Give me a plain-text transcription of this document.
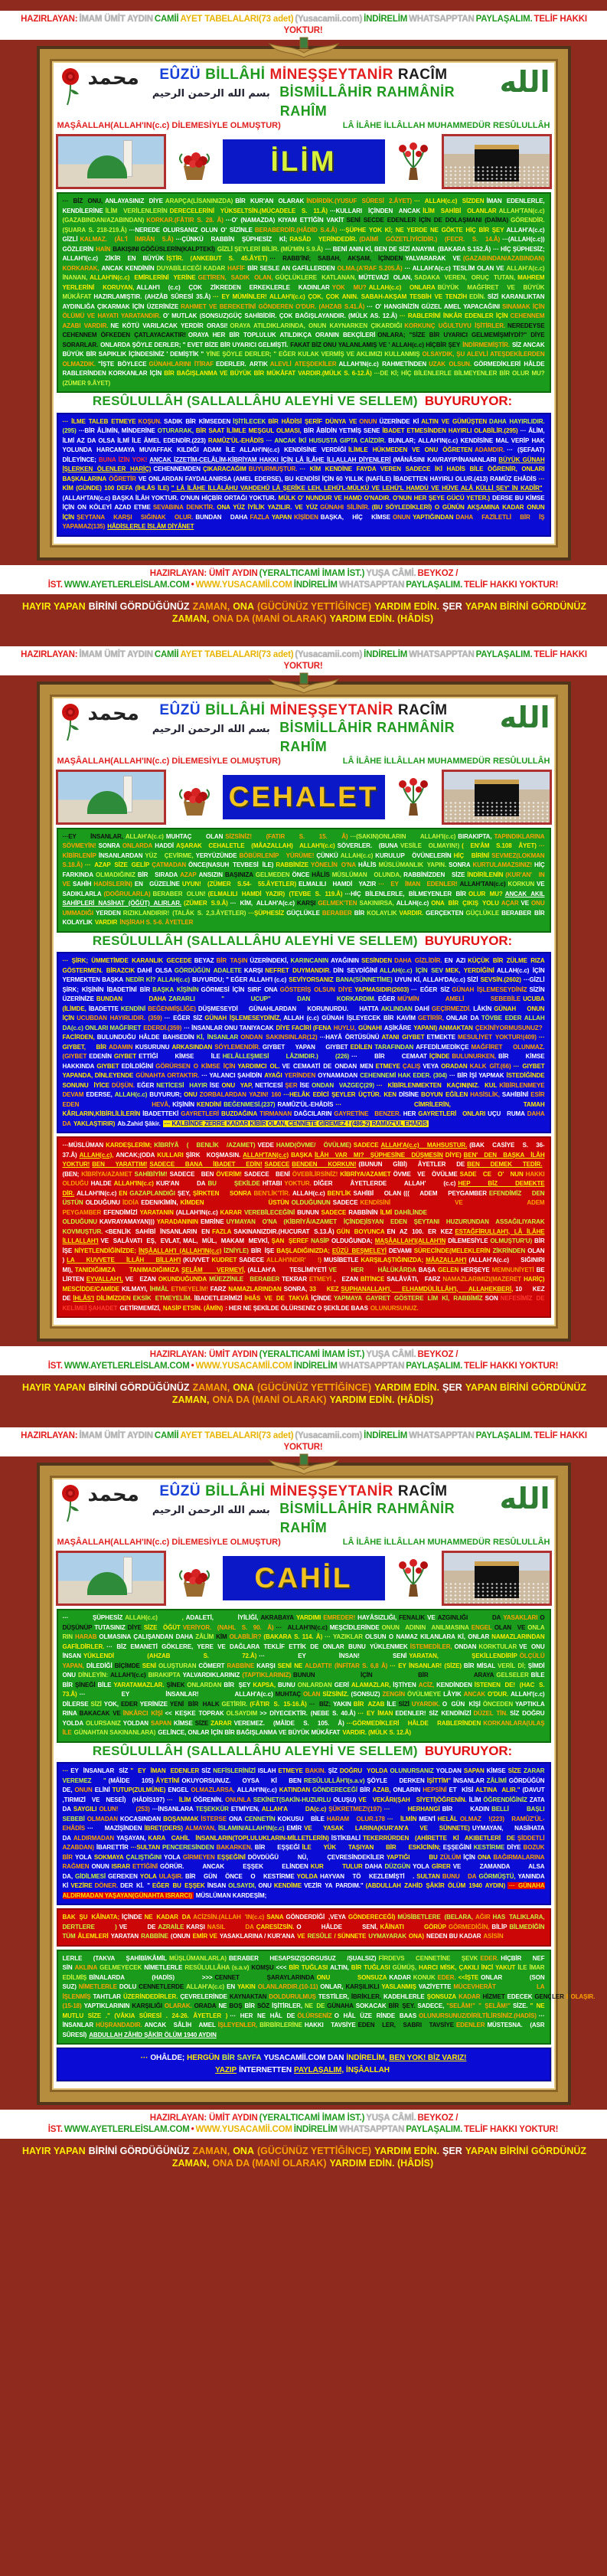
HAZIRLAYAN: İMAM ÜMİT AYDIN CAMİİ AYET TABELALARI(73 adet) (Yusacamii.com) İNDİRELİM WHATSAPPTAN PAYLAŞALIM. TELİF HAKKI YOKTUR!
محمد	EÛZÜ BİLLÂHİ MİNEŞŞEYTANİR RACÎM
بسم الله الرحمن الرحيم BİSMİLLÂHİR RAHMÂNİR RAHÎM
الله
MAŞÂALLAH(ALLAH'IN(c.c) DİLEMESİYLE OLMUŞTUR)	LÂ İLÂHE İLLÂLLAH MUHAMMEDÜR RESÛLULLÂH
İLİM
··· BİZ ONU, ANLAYASINIZ DİYE ARAPÇA(LİSANINIZDA) BİR KUR'AN OLARAK İNDİRDİK.(YUSUF SÛRESİ 2.ÂYET) ··· ALLAH(c.c) SİZDEN İMAN EDENLERLE, KENDİLERİNE İLİM VERİLENLERİN DERECELERİNİ YÜKSELTSİN.(MÜCADELE S. 11.Â) ···KULLARI İÇİNDEN ANCAK İLİM SAHİBİ OLANLAR ALLAH'TAN(c.c) (GAZABINDAN/AZABINDAN) KORKAR.(FÂTIR S. 28. Â) ···O' (NAMAZDA) KIYAM ETTİĞİN VAKİT SENİ SECDE EDENLER İÇİN DE DOLAŞMANI (DAİMA) GÖRENDİR.(ŞUARA S. 218-219.Â) ···NEREDE OLURSANIZ OLUN O' SİZİNLE BERABERDİR.(HÂDİD S.4.Â) ···ŞÜPHE YOK Kİ; NE YERDE NE GÖKTE HİÇ BİR ŞEY ALLAH'A(c.c) GİZLİ KALMAZ. (ÂL'İ İMRÂN 5.Â) ···ÇÜNKÜ RABBİN ŞÜPHESİZ Kİ; RASÂD YERİNDEDİR. (DAİMİ GÖZETLİYİCİDİR.) (FECR. S. 14.Â) ···(ALLAH(c.c)) GÖZLERİN HAİN BAKIŞINI GÖĞÜSLERİN(KALPTEKİ) GİZLİ ŞEYLERİ BİLİR. (MÜ'MİN S.9.Â) ··· BENİ ANIN Kİ, BEN DE SİZİ ANAYIM. (BAKARA S.152.Â) ··· HİÇ ŞÜPHESİZ; ALLAH'I(c.c) ZİKİR EN BÜYÜK İŞTİR. (ANKEBUT S. 45.ÂYET) ··· RABB'İNİ; SABAH, AKŞAM, İÇİNDEN YALVARARAK VE (GAZABINDAN/AZABINDAN) KORKARAK, ANCAK KENDİNİN DUYABİLECEĞİ KADAR HAFİF BİR SESLE AN GAFİLLERDEN OLMA.(A'RAF S.205.Â) ··· ALLAH'A(c.c) TESLİM OLAN VE ALLAH'A(c.c) İNANAN, ALLAH'IN(c.c) EMİRLERİNİ YERİNE GETİREN, SADIK OLAN, GÜÇLÜKLERE KATLANAN, MÜTEVAZİ OLAN, SADAKA VEREN, ORUÇ TUTAN, MAHREM YERLERİNİ KORUYAN, ALLAH'I (c.c) ÇOK ZİKREDEN ERKEKLERLE KADINLAR YOK MU? ALLAH(c.c) ONLARA BÜYÜK MAĞFİRET VE BÜYÜK MÜKÂFAT HAZIRLAMIŞTIR. (AHZÂB SÛRESİ 35.Â) ··· EY MÜMİNLER! ALLAH'I(c.c) ÇOK, ÇOK ANIN. SABAH-AKŞAM TESBİH VE TENZİH EDİN. SİZİ KARANLIKTAN AYDINLIĞA ÇIKARMAK İÇİN ÜZERİNİZE RAHMET VE BEREKETİNİ GÖNDEREN O'DUR. (AHZAB S.41.Â) ··· O' HANGİNİZİN GÜZEL AMEL YAPACAĞINI SINAMAK İÇİN ÖLÜMÜ VE HAYATI YARATANDIR. O' MUTLAK (SONSUZ)GÜÇ SAHİBİDİR. ÇOK BAĞIŞLAYANDIR. (MÜLK AS. 12.Â) ··· RABLERİNİ İNKÂR EDENLER İÇİN CEHENNEM AZABI VARDIR. NE KÖTÜ VARILACAK YERDİR ORASI! ORAYA ATILDIKLARINDA, ONUN KAYNARKEN ÇIKARDIĞI KORKUNÇ UĞULTUYU İŞİTİRLER. NEREDEYSE CEHENNEM ÖFKEDEN ÇATLAYACAKTIR! ORAYA HER BİR TOPLULUK ATILDIKÇA ORANIN BEKÇİLERİ ONLARA; "SİZE BİR UYARICI GELMEMİŞMİYDİ?" DİYE SORARLAR. ONLARDA ŞÖYLE DERLER; " EVET BİZE BİR UYARICI GELMİŞTİ. FAKAT BİZ ONU YALANLAMIŞ VE ' ALLAH(c.c) HİÇBİR ŞEY İNDİRMEMİŞTİR. SİZ ANCAK BÜYÜK BİR SAPIKLIK İÇİNDESİNİZ ' DEMİŞTİK " YİNE ŞÖYLE DERLER; " EĞER KULAK VERMİŞ VE AKLIMIZI KULLANMIŞ OLSAYDIK, ŞU ALEVLİ ATEŞDEKİLERDEN OLMAZDIK. "İŞTE BÖYLECE GÜNAHLARINI İTİRAF EDERLER. ARTIK ALEVLİ ATEŞDEKİLER ALLAH'IN(c.c) RAHMETİNDEN UZAK OLSUN. GÖRMEDİKLERİ HÂLDE RABLERİNDEN KORKANLAR İÇİN BİR BAĞIŞLANMA VE BÜYÜK BİR MÜKÂFAT VARDIR.(MÜLK S. 6-12.Â) ···DE Kİ; HİÇ BİLENLERLE BİLMEYENLER BİR OLUR MU?(ZÜMER 9.ÂYET)
RESÛLULLÂH (SALLALLÂHU ALEYHİ VE SELLEM) BUYURUYOR:
··· İLME TALEB ETMEYE KOŞUN. SADIK BİR KİMSEDEN İŞİTİLECEK BİR HÂDİSİ ŞERİF DÜNYA VE ONUN ÜZERİNDE Kİ ALTIN VE GÜMÜŞTEN DAHA HAYIRLIDIR.(295) ···BİR ÂLİMİN, MİNDERİNE OTURARAK, BİR SAAT İLİMLE MEŞGUL OLMASI, BİR ÂBİDİN YETMİŞ SENE İBADET ETMESİNDEN HAYIRLI OLABİLİR.(295) ··· ÂLİM, İLMİ AZ DA OLSA İLMİ İLE ÂMEL EDENDİR.(223) RAMÛZ'ÜL-EHÂDİS ··· ANCAK İKİ HUSUSTA GIPTA CAİZDİR. BUNLAR; ALLAH'IN(c.c) KENDİSİNE MAL VERİP HAK YOLUNDA HARCAMAYA MUVAFFAK KILDIĞI ADAM İLE ALLAH'IN(c.c) KENDİSİNE VERDİĞİ İLİMLE HÜKMEDEN VE ONU ÖĞRETEN ADAMDIR. ··· (ŞEFAAT) DİLEYİNCE; BUNA İZİN YOK! ANCAK İZZETİM-CELÂLİM-KİBRİYAM HAKKI İÇİN LÂ İLÂHE İLLALLAH DİYENLERİ (MÂNÂSINI KAVRAYIP/İNANANLARI BÜYÜK GÜNAH İŞLERKEN ÖLENLER HARİÇ) CEHENNEMDEN ÇIKARACAĞIM BUYURMUŞTUR. ··· KİM KENDİNE FAYDA VEREN SADECE İKİ HADİS BİLE ÖĞRENİR, ONLARI BAŞKALARINA ÖĞRETİR VE ONLARDAN FAYDALANIRSA (AMEL EDERSE), BU KENDİSİ İÇİN 60 YILLIK (NAFİLE) İBADETTEN HAYIRLI OLUR.(413) RAMÛZ EHÂDİS ··· KİM (GÜNDE) 100 DEFA (İHLÂS İLE) " LÂ İLÂHE İLLÂLÂHU VAHDEHÛ LÂ ŞERÎKE LEH, LEHÜ'L-MÜLKÜ VE LEHÜ'L HAMDÜ VE HÜVE ALÂ KÜLLİ ŞEY' İN KADÎR"(ALLAH'TAN(c.c) BAŞKA İLÂH YOKTUR. O'NUN HİÇBİR ORTAĞI YOKTUR. MÜLK O' NUNDUR VE HAMD O'NADIR. O'NUN HER ŞEYE GÜCÜ YETER.) DERSE BU KİMSE İÇİN ON KÖLEYİ AZAD ETME SEVABINA DENKTİR. ONA YÜZ İYİLİK YAZILIR. VE YÜZ GÜNAHI SİLİNİR. (BU SÖYLEDİKLERİ) O GÜNÜN AKŞAMINA KADAR ONUN İÇİN ŞEYTANA KARŞI SIĞINAK OLUR. BUNDAN DAHA FAZLA YAPAN KİŞİDEN BAŞKA, HİÇ KİMSE ONUN YAPTIĞINDAN DAHA FAZİLETLİ BİR İŞ YAPAMAZ(135) HÂDİSLERLE İSLÂM DİYÂNET
HAZIRLAYAN: ÜMİT AYDIN (YERALTICAMİ İMAM İST.) YUŞA CÂMİ. BEYKOZ / İST. WWW.AYETLERLEİSLAM.COM • WWW.YUSACAMİİ.COM İNDİRELİM WHATSAPPTAN PAYLAŞALIM. TELİF HAKKI YOKTUR!
HAYIR YAPAN BİRİNİ GÖRDÜĞÜNÜZ ZAMAN, ONA (GÜCÜNÜZ YETTİĞİNCE) YARDIM EDİN. ŞER YAPAN BİRİNİ GÖRDÜNÜZ ZAMAN, ONA DA (MANİ OLARAK) YARDIM EDİN. (HÂDİS)
HAZIRLAYAN: İMAM ÜMİT AYDIN CAMİİ AYET TABELALARI(73 adet) (Yusacamii.com) İNDİRELİM WHATSAPPTAN PAYLAŞALIM. TELİF HAKKI YOKTUR!
محمد	EÛZÜ BİLLÂHİ MİNEŞŞEYTANİR RACÎM
بسم الله الرحمن الرحيم BİSMİLLÂHİR RAHMÂNİR RAHÎM
الله
MAŞÂALLAH(ALLAH'IN(c.c) DİLEMESİYLE OLMUŞTUR)	LÂ İLÂHE İLLÂLLAH MUHAMMEDÜR RESÛLULLÂH
CEHALET
···EY İNSANLAR, ALLAH'A(c.c) MUHTAÇ OLAN SİZSİNİZ! (FATIR S. 15. Â) ···(SAKIN)ONLARIN ALLAH'I(c.c) BIRAKIPTA, TAPINDIKLARINA SÖVMEYİN! SONRA ONLARDA HADDİ AŞARAK CEHALETLE (MÂAZALLAH) ALLAH'I(c.c) SÖVERLER. (BUNA VESİLE OLMAYIN!) ( EN'ÂM S.108 ÂYET) ··· KİBİRLENİP İNSANLARDAN YÜZ ÇEVİRME, YERYÜZÜNDE BÖBÜRLENİP YÜRÜME! ÇÜNKÜ ALLAH(c.c) KURULUP ÖVÜNELERİN HİÇ BİRİNİ SEVMEZ(LOKMAN S.18.Â) ··· AZAP SİZE GELİP ÇATMADAN ÖNCE(NASUH TEVBESİ İLE) RABBİNİZE YÖNELİN O'NA HÂLİS MÜSLÜMANLIK YAPIN. SONRA KURTULAMAZSINIZ! HİÇ FARKINDA OLMADIĞINIZ BİR SIRADA AZAP ANSIZIN BAŞINIZA GELMEDEN ÖNCE HÂLİS MÜSLÜMAN OLUNDA, RABBİNİZDEN SİZE İNDİRİLENİN (KUR'AN' IN VE SAHİH HADİSLERİN) EN GÜZELİNE UYUN! (ZÜMER S.54- 55.ÂYETLER) ELMALILI HAMDİ YAZIR ··· EY İMAN EDENLER! ALLAH'TAN(c.c) KORKUN VE SADIKLARLA (DOĞRULARLA) BERABER OLUN! (ELMALILI HAMDİ YAZIR) (TEVBE S. 119.Â) ···HİÇ BİLENLERLE, BİLMEYENLER BİR OLUR MU? ANCAK AKIL SAHİPLERİ NASİHAT (ÖĞÜT) ALIRLAR. (ZÜMER S.9.Â) ··· KİM, ALLAH'A(c.c) KARŞI GELMEK'TEN SAKINIRSA, ALLAH(c.c) ONA BİR ÇIKIŞ YOLU AÇAR VE ONU UMMADIĞI YERDEN RIZIKLANDIRIR! (TALÂK S. 2,3.ÂYETLER) ···ŞÜPHESİZ GÜÇLÜKLE BERABER BİR KOLAYLIK VARDIR. GERÇEKTEN GÜÇLÜKLE BERABER BİR KOLAYLIK VARDIR İNŞİRAH S. 5-6. ÂYETLER
RESÛLULLÂH (SALLALLÂHU ALEYHİ VE SELLEM) BUYURUYOR:
··· ŞİRK; ÜMMETİMDE KARANLIK GECEDE BEYAZ BİR TAŞIN ÜZERİNDEKİ, KARINCANIN AYAĞININ SESİNDEN DAHA GİZLİDİR. EN AZI KÜÇÜK BİR ZÜLME RIZA GÖSTERMEN. BİRAZCIK DAHİ OLSA GÖRDÜĞÜN ADALETE KARŞI NEFRET DUYMANDIR. DİN SEVDİĞİNİ ALLAH(c.c) İÇİN SEV MEK, YERDİĞİNİ ALLAH(c.c) İÇİN YERMEKTEN BAŞKA NEDİR Kİ? ALLAH(c.c) BUYURDU; " EĞER ALLAH'I (c.c) SEVİYORSANIZ BANA(SÜNNETİME) UYUN Kİ, ALLAH'DA(c.c) SİZİ SEVSİN.(2602) ···GİZLİ ŞİRK; KİŞİNİN İBADETİNİ BİR BAŞKA KİŞİNİN GÖRMESİ İÇİN SIRF ONA GÖSTERİŞ OLSUN DİYE YAPMASIDIR(2603) ··· EĞER SİZ GÜNAH İŞLEMESEYDİNİZ SİZİN ÜZERİNİZE BUNDAN DAHA ZARARLI " UCUP" DAN KORKARDIM. EĞER MÜ'MİN AMELİ SEBEBİLE UCUBA (İLİMDE, İBADETTE KENDİNİ BEĞENMİŞLİĞE) DÜŞMESEYDİ GÜNAHLARDAN KORUNURDU. HATTA AKLINDAN DAHİ GEÇİRMEZDİ. LÂKİN GÜNAH ONUN İÇİN UCUBDAN HAYIRLIDIR. (359) ··· EĞER SİZ GÜNAH İŞLEMESEYDİNİZ, ALLAH (c.c) GÜNAH İŞLEYECEK BİR KAVİM GETİRİR, ONLAR DA TÖVBE EDER ALLAH DA(c.c) ONLARI MAĞFİRET EDERDİ.(359) ··· İNSANLAR ONU TANIYACAK DİYE FACİRİ (FENA HUYLU, GÜNAHI AŞİKÂRE YAPANI) ANMAKTAN ÇEKİNİYORMUSUNUZ?FACİRDEN, BULUNDUĞU HÂLDE BAHSEDİN Kİ, İNSANLAR ONDAN SAKINSINLAR(12) ···HAYÂ ÖRTÜSÜNÜ ATANI GIYBET ETMEKTE MESULİYET YOKTUR!(409) ··· GIYBET, BİR ADAMIN KUSURUNU ARKASINDAN SÖYLEMENDİR. GIYBET YAPAN GIYBET EDİLEN TARAFINDAN AFFEDİLMEDİKÇE MAĞFİRET OLUNMAZ. (GIYBET EDENİN GIYBET ETTİĞİ KİMSE İLE HELÂLLEŞMESİ LÂZIMDIR.) (226) ··· BİR CEMAAT İÇİNDE BULUNURKEN, BİR KİMSE HAKKINDA GIYBET EDİLDİĞİNİ GÖRÜRSEN O KİMSE İÇİN YARDIMCI OL. VE CEMAATİ DE ONDAN MEN ETMEYE ÇALIŞ VEYA ORADAN KALK GİT.(66) ··· GIYBET YAPANDA, DİNLEYENDE GÜNAHTA ORTAKTIR. ··· YALANCI ŞAHİDİN AYAĞI YERİNDEN OYNAMADAN CEHENNEMİ HAK EDER. (304) ··· BİR İŞİ YAPMAK İSTEDİĞİNDE SONUNU İYİCE DÜŞÜN. EĞER NETİCESİ HAYIR İSE ONU YAP, NETİCESİ ŞER İSE ONDAN VAZGEÇ(29) ··· KİBİRLENMEKTEN KAÇINِINIZ. KUL KİBİRLENMEYE DEVAM EDERSE, ALLAH(c.c) BUYURUR; ONU ZORBALARDAN YAZIN! 160 ···HELÂK EDİCİ ŞEYLER ÜÇTÜR. KEN DİSİNE BOYUN EĞİLEN HASİSLİK, SAHİBİNİ ESİR EDEN HEVÂ, KİŞİNİN KENDİNİ BEĞENMESİ.(237) RAMÛZ'ÜL-EHÂDİS ··· CİMRİLERİN, TAMAH KÂRLARIN,KİBİRLİLİLERİN İBADETTEKİ GAYRETLERİ BUZDAĞINA TIRMANAN DAĞCILARIN GAYRETİNE BENZER. HER GAYRETLERİ ONLARI UÇU RUMA DAHA DA YAKLAŞTIRIR) Ab.Zahid Şâkir. ··· KALBİNDE ZERRE KADAR KİBİR OLAN, CENNETE GİREMEZ ! (486-2) RAMÛZ'ÜL EHÂDİS
···MÜSLÜMAN KARDEŞLERİM; KİBRİYÂ ( BENLİK /AZAMET) VEDE HAMD(ÖVME/ ÖVÜLME) SADECE ALLAH'A(c.c) MAHSUSTUR. (BAK CASİYE S. 36-37.Â) ALLAH(c.c), ANCAK;(ODA KULLARI ŞİRK KOŞMASIN. ALLAH'TAN(c.c) BAŞKA İLÂH VAR MI? ŞÜPHESİNE DÜŞMESİN DİYE) BEN' DEN BAŞKA İLÂH YOKTUR! BEN YARATTIM! SADECE BANA İBADET EDİN! SADECE BENDEN KORKUN! (BUNUN GİBİ) ÂYETLER DE BEN DEMEK TEDİR.(BEN; KİBRİYA/AZAMET SAHİBİYİM! SADECE BEN ÖVERİM! SADECE BENİ ÖVEBİLİRSİNİZ! KİBRİYA/AZAMET ÖVME VE ÖVÜLME SADE CE O' NUN HAKKI OLDUĞU HALDE ALLAH'IN(c.c) KUR'AN DA BU ŞEKİLDE HİTABI YOKTUR. DİĞER ÂYETLERDE ALLAH' (c.c) HEP BİZ DEMEKTE DİR. ALLAH'IN(c.c) EN GAZAPLANDIĞI ŞEY, ŞİRKTEN SONRA BEN'LİK'TİR. ALLAH(c.c) BEN'LİK SAHİBİ OLAN ((( ADEM PEYGAMBER EFENDİMİZ DEN ÜSTÜN OLDUĞUNU İDDİA EDEN/KİMİN, KİMDEN ÜSTÜN OLDUĞUNUN SADECE KENDİSİNİ VE ADEM PEYGAMBER EFENDİMİZİ YARATANIN (ALLAH'IN(c.c) KARAR VEREBİLECEĞİNİ BUNUN SADECE RABBİNİN İLMİ DAHİLİNDE OLDUĞUNU KAVRAYAMAYAN))) YARADANININ EMRİNE UYMAYAN O'NA (KİBRİYÂ/AZAMET İÇİNDE)İSYAN EDEN ŞEYTANI HUZURUNDAN ASSAĞILIYARAK KOVMUŞTUR. <BENLİK SAHİBİ İNSANLARIN EN FAZLA SAKINANIZDIR.(HUCURAT S.13.Â) GÜN BOYUNCA EN AZ 100. ER KEZ ESTAĞFİRULLAH'I, LÂ İLÂHE İLLLALLAH'I VE SALÂVATI EŞ, EVLAT, MAL, MÜL, MAKAM MEVKİ, ŞAN ŞEREF NASİP OLDUĞUNDA; MAŞÂALLAH'I(ALLAH'IN DİLEMESİYLE OLMUŞTUR'U) BİR İŞE NİYETLENDİĞİNİZDE; İNŞÂALLAH'I (ALLAH'IN(c.c) İZNİYLE) BİR İŞE BAŞLADIĞINIZDA; EÛZÜ BEŞMELEYİ DEVAMI SÜRECİNDE(MELEKLERİN ZİKRİNDEN OLAN ) LA KUVVETE İLLÂH BİLLAH'I (KUVVET KUDRET SADECE ALLAH'INDIR' !) MUSİBETLE KARŞILAŞTIĞINIZDA; MÂAZALLAH'I (ALLAH'A(c.c) SIĞINIRI MI), TANIDIĞIMIZA TANIMADIĞIMIZA ŞELÂM VERMEYİ, (ALLAH'A TESLİMİYETİ VE HER HÂLÜKÂRDA BAŞA GELEN HERŞEYE MEMNUNİYETİ BE LİRTEN EYVALLAH'I, VE EZAN OKUNDUĞUNDA MÜEZZİNLE BERABER TEKRAR ETMEYİ , EZAN BİTİNCE SALÂVÂTI, FARZ NAMAZLARIMIZI(MAZERET HARİÇ) MESCİDDE/CAMİDE KILMAYI, İHMÂL ETMEYELİM! FARZ NAMAZLARINDAN SONRA, 33 KEZ SUPHANALLAH'I, ELHAMDÜLİLLÂH'I, ALLAHEKBERİ, 10 KEZ DE İHLÂS'I DİLİMİZDEN EKSİK ETMEYELİM. İBADETLERİMİZİ İHIÂS VE DE TAKVÂ İÇİNDE YAPMAYA GAYRET GÖSTERE LİM Kİ, RABBİMİZ SON NEFESİMİZ DE KELİMEİ ŞAHADET GETİRMEMİZİ, NASİP ETSİN. (ÂMİN) : HER NE ŞEKİLDE ÖLÜRSENİZ O ŞEKİLDE BAAS OLUNURSUNUZ.
HAZIRLAYAN: ÜMİT AYDIN (YERALTICAMİ İMAM İST.) YUŞA CÂMİ. BEYKOZ / İST. WWW.AYETLERLEİSLAM.COM • WWW.YUSACAMİİ.COM İNDİRELİM WHATSAPPTAN PAYLAŞALIM. TELİF HAKKI YOKTUR!
HAYIR YAPAN BİRİNİ GÖRDÜĞÜNÜZ ZAMAN, ONA (GÜCÜNÜZ YETTİĞİNCE) YARDIM EDİN. ŞER YAPAN BİRİNİ GÖRDÜNÜZ ZAMAN, ONA DA (MANİ OLARAK) YARDIM EDİN. (HÂDİS)
HAZIRLAYAN: İMAM ÜMİT AYDIN CAMİİ AYET TABELALARI(73 adet) (Yusacamii.com) İNDİRELİM WHATSAPPTAN PAYLAŞALIM. TELİF HAKKI YOKTUR!
محمد	EÛZÜ BİLLÂHİ MİNEŞŞEYTANİR RACÎM
بسم الله الرحمن الرحيم BİSMİLLÂHİR RAHMÂNİR RAHÎM
الله
MAŞÂALLAH(ALLAH'IN(c.c) DİLEMESİYLE OLMUŞTUR)	LÂ İLÂHE İLLÂLLAH MUHAMMEDÜR RESÛLULLÂH
CAHİL
··· ŞÜPHESİZ ALLAH(c.c) , ADALETİ, İYİLİĞİ, AKRABAYA YARDIMI EMREDER! HAYÂSIZLIĞI, FENALIK VE AZGINLIĞI DA YASAKLARI O DÜŞÜNÜP TUTASINIZ DİYE SİZE ÖĞÜT VERİYOR. (NAHL S. 90. Â) ··· ALLAH'IN(c.c) MEŞCİDLERİNDE ONUN ADININ ANILMASINA ENGEL OLAN VE ONLA RIN HARAB OLMASINA ÇALIŞANDAN DAHA ZÂLİM KİM OLABİLİR? (BAKARA S. 114. Â) ··· YAZIKLAR OLSUN O NAMAZ KILANLARA Kİ, ONLAR NAMAZLARINDAN GAFİLDİRLER. ··· BİZ EMANETİ GÖKLERE, YERE VE DAĞLARA TEKLİF ETTİK DE ONLAR BUNU YÜKLENMEK İSTEMEDİLER, ONDAN KORKTULAR VE ONU İNSAN YÜKLENDİ (AHZAB S. 72.Â) ··· EY İNSAN! SENİ YARATAN, ŞEKİLLENDİRİP ÖLÇÜLÜ YAPAN, DİLEDİĞİ BİÇİMDE SENİ OLUŞTURAN CÖMERT RABBİNE KARŞI SENİ NE ALDATTI! (İNFİTAR S. 6,8 Â) ··· EY İNSANLAR! (SİZE) BİR MİSAL VERİL Dİ; ŞİMDİ ONU DİNLEYİN: ALLAH'I(c.c) BIRAKIPTA YALVARDIKLARINIZ (TAPTIKLARINIZ) BUNUN İÇİN BİR ARAYA GELSELER BİLE BİR ŞİNEĞİ BİLE YARATAMAZLAR. ŞİNEK ONLARDAN BİR ŞEY KAPSA, BUNU ONLARDAN GERİ ALAMAZLAR, İŞTİYEN ACİZ, KENDİNDEN İSTENEN DE! (HAC S. 73.Â) ··· EY İNSANLAR! ALLAH'A(c.c) MUHTAÇ OLAN SİZSİNİZ. (SONSUZ) ZENGİN ÖVÜLMEYE LÂYIK ANCAK O'DUR. ALLAH'(c.c) DİLERSE SİZİ YOK, EDER YERİNİZE YENİ BİR HALK GETİRİR. (FÂTIR S. 15-16.Â) ··· BİZ; YAKIN BİR AZAB İLE SİZİ UYARDIK. O GÜN KİŞİ ÖNCEDEN YAPTIKLA RINA BAKACAK VE İNKÂRCI KİŞİ << KEŞKE TOPRAK OLSAYDIM >> DİYECEKTİR. (NEBE S. 40.Â) ··· EY İMAN EDENLER! SİZ KENDİNİZİ DÜZEL TİN. SİZ DOĞRU YOLDA OLURSANIZ YOLDAN SAPAN KİMSE SİZE ZARAR VEREMEZ. (MÂİDE S. 105. Â) ···GÖRMEDİKLERİ HÂLDE RABLERİNDEN KORKANLARA(ULAŞ İLE GÜNAHTAN SAKINANLARA) GELİNCE, ONLAR İÇİN BİR BAĞIŞLANMA VE BÜYÜK MÜKÂFAT VARDIR. (MÜLK S. 12.Â)
RESÛLULLÂH (SALLALLÂHU ALEYHİ VE SELLEM) BUYURUYOR:
··· EY İNSANLAR SİZ " EY İMAN EDENLER SİZ NEFİSLERİNİZİ ISLAH ETMEYE BAKIN. ŞİZ DOĞRU YOLDA OLUNURSANIZ YOLDAN SAPAN KİMSE SİZE ZARAR VEREMEZ " (MÂİDE 105) ÂYETİNİ OKUYORSUNUZ. OYSA Kİ BEN RESÛLULLÂH'I(s.a.v) ŞÖYLE DERKEN İŞİTTİM" İNSANLAR ZÂLİMİ GÖRDÜĞÜN DE, ONUN ELİNİ TUTUP(ZULMÜNE) ENGEL OLMAZLARSA, ALLAH'IN(c.c) KATINDAN GÖNDERECEĞİ BİR AZAB, ONLARIN HEPSİNİ ET KİSİ ALTINA ALIR." (DAVUT ,TIRMIZİ VE NESEÎ) (HÂDİS197) ··· İLİM ÖĞRENİN. ONUNLA SEKİNET(SAKİN-HUZURLU OLUŞU) VE VEKÂRI(ŞAH SİYETİ)ÖĞRENİN. İLİM ÖĞRENDİĞİNİZ ZATA DA SAYGILI OLUN! (253) ···İNSANLARA TEŞEKKÜR ETMİYEN, ALLAH'A DA(c.c) ŞÜKRETMEZ!(197) ··· HERHANGİ BİR KADIN BELLİ BAŞLI SEBEBİ OLMADAN KOCASINDAN BOŞANMAK İSTERSE ONA CENNETİN KOKUSU BİLE HARAM OLUR.178 ··· İLMİN MEN'İ HELÂL OLMAZ !(223) RAMÛZ'ÜL-EHÂDİS ··· MAZİŞİNDEN İBRET(DERS) ALMAYAN, İSLAMIN/ALLAH'IN(c.c) EMİR VE YASAK LARINA(KUR'AN'A VE SÜNNETE) UYMAYAN, NASİHATA DA ALDIRMADAN YAŞAYAN, KARA CAHİL İNSANLARIN(TOPLULUKLARIN-MİLLETLERİN) İSTİKBALİ TEKERRÜRDEN (AHİRETTE Kİ AKIBETLERİ DE ŞİDDETLİ AZABDAN) İBARETTİR ···SULTAN PENCERESİNDEN BAKARKEN, BİR EŞŞEĞİ İLE YÜK TAŞIYAN BİR ESKİCİNİN; EŞŞEĞİNİ KESTİRME DİYE BOZUK BİR YOLA SOKMAYA ÇALIŞTIĞINI YOLA GİRMEYEN EŞŞEĞİNİ DÖVDÜĞÜ NÜ, ÇEVRESİNDEKİLER YAPTIĞI BU ZÜLÜM İÇİN ONA BAĞIRMALARINA RAĞMEN ONUN ISRAR ETTİĞİNİ GÖRÜR. ANCAK EŞŞEK ELİNDEN KUR TULUR DAHA DÜZGÜN YOLA GİRER VE ZAMANDA ALSA DA, GİDİLMESİ GEREKEN YOLA ULAŞIR. BİR GÜN ÖNCE O KESTİRME YOLDA HAYVAN TÖ KEZLEMİŞTİ . SULTAN BUNU DA GÖRMÜŞTÜ, YANINDA Kİ VEZİRE DÖNER. DER Kİ. " EĞER BU EŞŞEK İNSAN OLSAYDI, ONU KENDİME VEZİR YA PARDIM." (ABDULLAH ZAHİD ŞÂKİR ÖLÜM 1940 AYDIN) ··· GÜNAHA ALDIRMADAN YAŞAYAN(GÜNAHTA ISRARCI) MÜSLÜMAN KARDEŞİM;
BAK ŞU KÂİNATA; İÇİNDE NE KADAR DA ACİZSİN.(ALLAH 'IN(c.c) SANA GÖNDERDİĞİ ,VEYA GÖNDERECEĞİ) MÜSİBETLERE (BELARA, AĞIR HAS TALIKLARA, DERTLERE ) VE DE AZRAİLE KARŞI NASIL DA ÇARESİZSİN. O HÂLDE SENİ, KÂİNATI GÖRÜP GÖRMEDİĞİN, BİLİP BİLMEDİĞİN TÜM ÂLEMLERİ YARATAN RABBİNE (ONUN EMİR VE YASAKLARINA / KUR'ANA VE RESÛLE / SÜNNETE UYMAYARAK ONA) NEDEN BU KADAR ASİSİN
LERLE (TAKVA ŞAHİBİ/KÂMİL MÜŞLÜMANLARLA) BERABER HESAPSIZ(ŞORGUSUZ /ŞUALSIZ) FİRDEVS CENNETİNE ŞEVK EDER. HİÇBİR NEF SİN AKLINA GELMEYECEK NİMETLERLE RESÛLULLÂHA (s.a.v) KOMŞU <<< BİR TUĞLASI ALTIN, BİR TUĞLASI GÜMÜŞ, HARCI MİSK, ÇAKILI İNCİ YAKUT İLE İMAR EDİLMİŞ BİNALARDA (HADİS) >>> CENNET ŞARAYLARINDA ONU SONSUZA KADAR KONUK EDER. <<İŞTE ONLAR (SON SUZ) NİMETLERLE DOLU CENNETLERDE ALLAH'A(c.c) EN YAKIN OLANLARDIR.(10-11) ONLAR, KARŞILIKLI YASLANMIŞ VAZİYETTE MÜCEVHERÂT LA İŞLENMİŞ TAHTLAR ÜZERİNDEDİRLER. ÇEVRELERİNDE KAYNAKTAN DOLDURULMUŞ TESTİLER, İBRİKLER, KADEHLERLE ŞONSUZA KADAR HİZMET EDECEK GENÇLER DOLAŞIR.(15-18) YAPTIKLARININ KARŞILIĞI OLARAK. ORADA NE BOŞ BİR SÖZ İŞİTİRLER, NE DE GÜNAHA SOKACAK BİR ŞEY. SADECE, "SELÂM!" " ŞELÂM!" SİZE. " NE MUTLU SİZE ." (VÂKIA SÛRESİ . 24-26. ÂYETLER ) ··· HER NE HÂL DE ÖLÜRSENİZ O HÂL ÜZE RİNDE BAAS OLUNURSUNUZ/DİRİLTİLİRSİNİZ.(HADİS) ··· İNSANLAR HÜŞRANDADIR. ANCAK SÂLİH AMEL İŞLEYENLER, BİRBİRLERİNE HAKKI TAVSİYE EDEN LER, SABRI TAVSİYE EDENLER MÜSTESNA. (ASR SÛRESİ) ABDULLAH ZÂHİD ŞÂKİR ÖLÜM 1940 AYDIN
··· OHÂLDE; HERGÜN BİR SAYFA YUSACAMİİ.COM DAN İNDİRELİM, BEN YOK! BİZ VARIZ! YAZIP İNTERNETTEN PAYLAŞALIM, İNŞÂALLAH
HAZIRLAYAN: ÜMİT AYDIN (YERALTICAMİ İMAM İST.) YUŞA CÂMİ. BEYKOZ / İST. WWW.AYETLERLEİSLAM.COM • WWW.YUSACAMİİ.COM İNDİRELİM WHATSAPPTAN PAYLAŞALIM. TELİF HAKKI YOKTUR!
HAYIR YAPAN BİRİNİ GÖRDÜĞÜNÜZ ZAMAN, ONA (GÜCÜNÜZ YETTİĞİNCE) YARDIM EDİN. ŞER YAPAN BİRİNİ GÖRDÜNÜZ ZAMAN, ONA DA (MANİ OLARAK) YARDIM EDİN. (HÂDİS)
